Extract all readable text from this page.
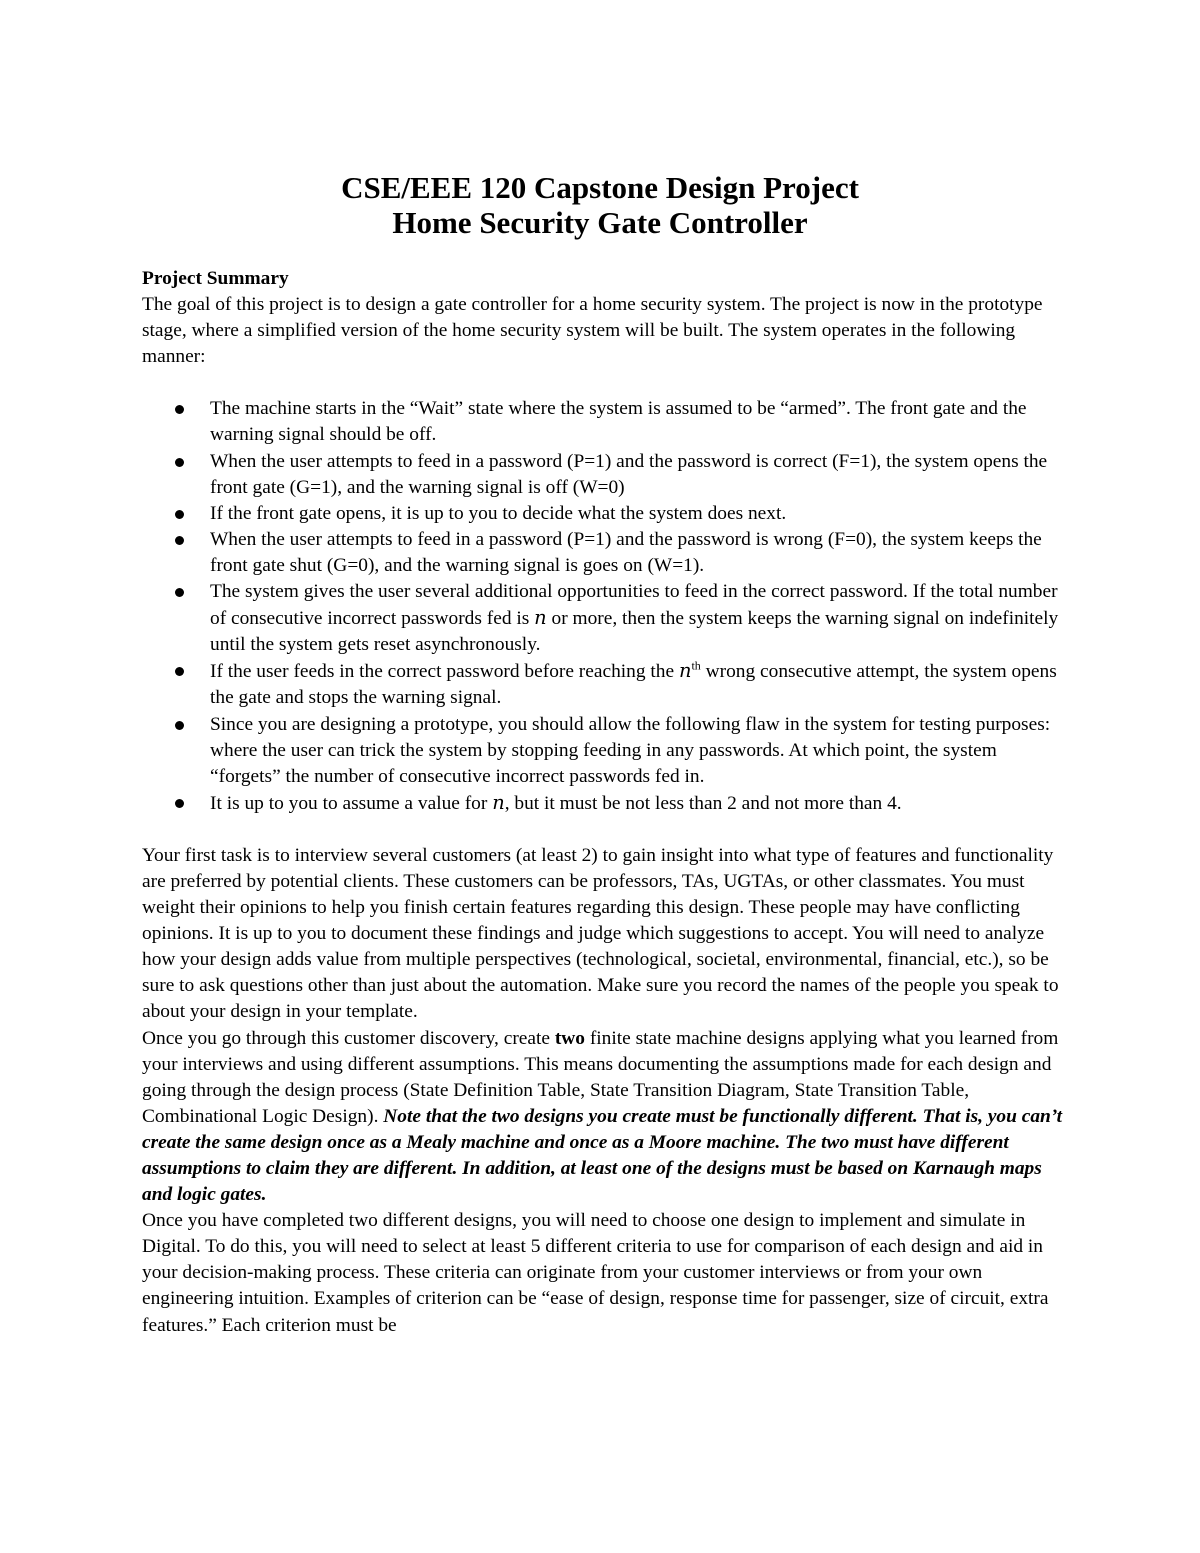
CSE/EEE 120 Capstone Design Project
Home Security Gate Controller

Project Summary

The goal of this project is to design a gate controller for a home security system. The project is now in the prototype stage, where a simplified version of the home security system will be built. The system operates in the following manner:

The machine starts in the “Wait” state where the system is assumed to be “armed”. The front gate and the warning signal should be off.
When the user attempts to feed in a password (P=1) and the password is correct (F=1), the system opens the front gate (G=1), and the warning signal is off (W=0)
If the front gate opens, it is up to you to decide what the system does next.
When the user attempts to feed in a password (P=1) and the password is wrong (F=0), the system keeps the front gate shut (G=0), and the warning signal is goes on (W=1).
The system gives the user several additional opportunities to feed in the correct password. If the total number of consecutive incorrect passwords fed is n or more, then the system keeps the warning signal on indefinitely until the system gets reset asynchronously.
If the user feeds in the correct password before reaching the $n^{th}$ wrong consecutive attempt, the system opens the gate and stops the warning signal.
Since you are designing a prototype, you should allow the following flaw in the system for testing purposes: where the user can trick the system by stopping feeding in any passwords. At which point, the system “forgets” the number of consecutive incorrect passwords fed in.
It is up to you to assume a value for n, but it must be not less than 2 and not more than 4.

Your first task is to interview several customers (at least 2) to gain insight into what type of features and functionality are preferred by potential clients. These customers can be professors, TAs, UGTAs, or other classmates. You must weight their opinions to help you finish certain features regarding this design. These people may have conflicting opinions. It is up to you to document these findings and judge which suggestions to accept. You will need to analyze how your design adds value from multiple perspectives (technological, societal, environmental, financial, etc.), so be sure to ask questions other than just about the automation. Make sure you record the names of the people you speak to about your design in your template.

Once you go through this customer discovery, create two finite state machine designs applying what you learned from your interviews and using different assumptions. This means documenting the assumptions made for each design and going through the design process (State Definition Table, State Transition Diagram, State Transition Table, Combinational Logic Design). Note that the two designs you create must be functionally different. That is, you can’t create the same design once as a Mealy machine and once as a Moore machine. The two must have different assumptions to claim they are different. In addition, at least one of the designs must be based on Karnaugh maps and logic gates.

Once you have completed two different designs, you will need to choose one design to implement and simulate in Digital. To do this, you will need to select at least 5 different criteria to use for comparison of each design and aid in your decision-making process. These criteria can originate from your customer interviews or from your own engineering intuition. Examples of criterion can be “ease of design, response time for passenger, size of circuit, extra features.” Each criterion must be
